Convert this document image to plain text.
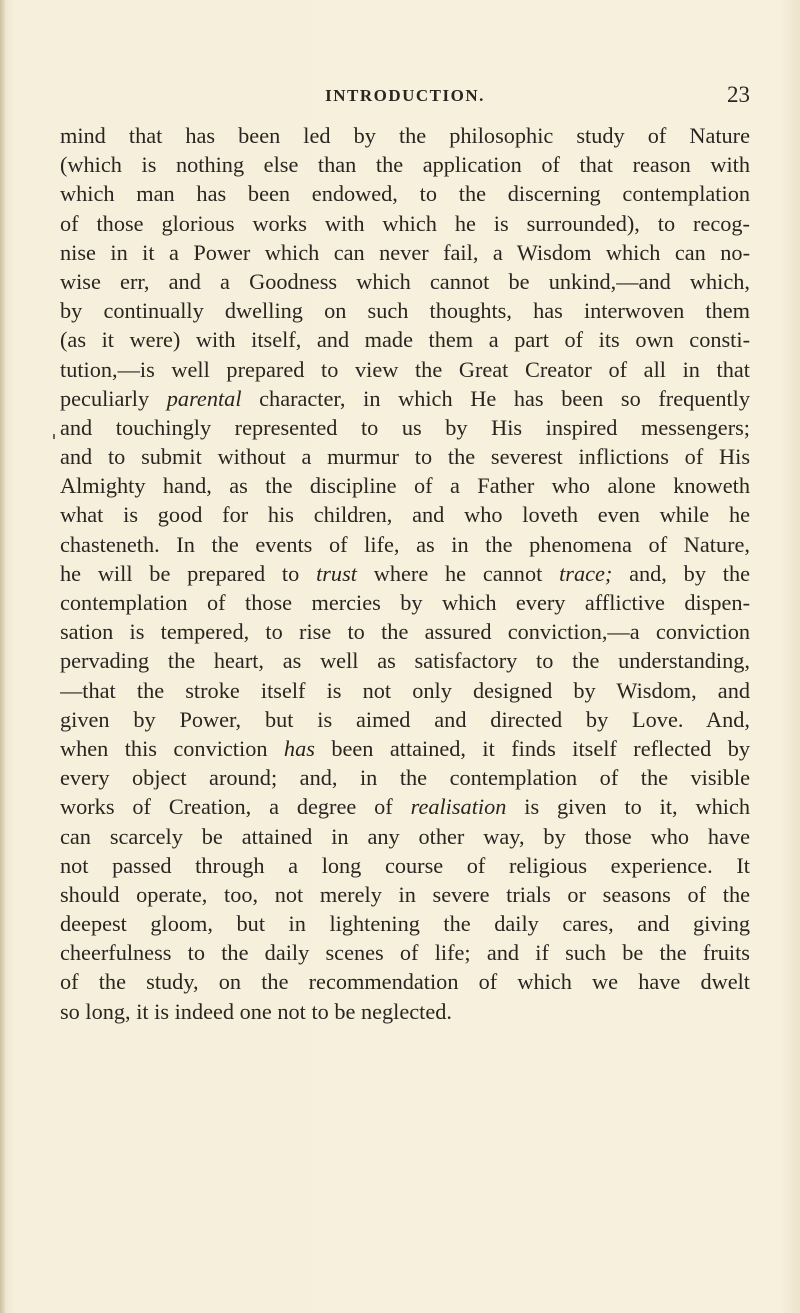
INTRODUCTION.	23
mind that has been led by the philosophic study of Nature
(which is nothing else than the application of that reason with
which man has been endowed, to the discerning contemplation
of those glorious works with which he is surrounded), to recog-
nise in it a Power which can never fail, a Wisdom which can no-
wise err, and a Goodness which cannot be unkind,—and which,
by continually dwelling on such thoughts, has interwoven them
(as it were) with itself, and made them a part of its own consti-
tution,—is well prepared to view the Great Creator of all in that
peculiarly parental character, in which He has been so frequently
and touchingly represented to us by His inspired messengers;
and to submit without a murmur to the severest inflictions of His
Almighty hand, as the discipline of a Father who alone knoweth
what is good for his children, and who loveth even while he
chasteneth. In the events of life, as in the phenomena of Nature,
he will be prepared to trust where he cannot trace; and, by the
contemplation of those mercies by which every afflictive dispen-
sation is tempered, to rise to the assured conviction,—a conviction
pervading the heart, as well as satisfactory to the understanding,
—that the stroke itself is not only designed by Wisdom, and
given by Power, but is aimed and directed by Love. And,
when this conviction has been attained, it finds itself reflected by
every object around; and, in the contemplation of the visible
works of Creation, a degree of realisation is given to it, which
can scarcely be attained in any other way, by those who have
not passed through a long course of religious experience. It
should operate, too, not merely in severe trials or seasons of the
deepest gloom, but in lightening the daily cares, and giving
cheerfulness to the daily scenes of life; and if such be the fruits
of the study, on the recommendation of which we have dwelt
so long, it is indeed one not to be neglected.
